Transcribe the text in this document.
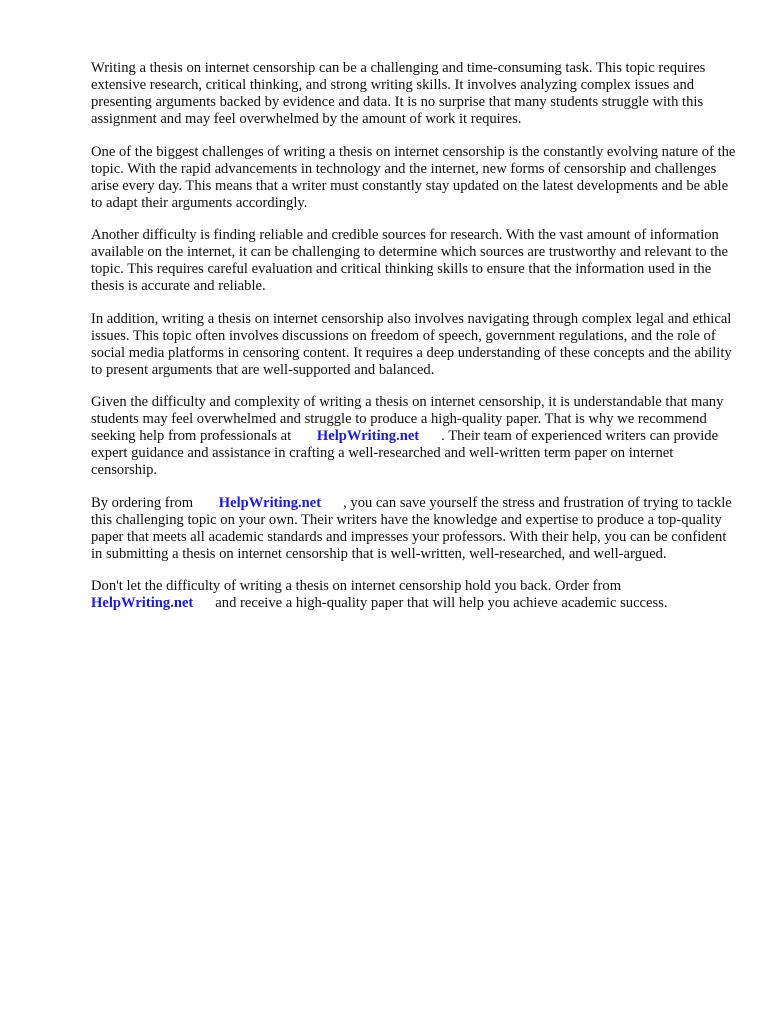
Writing a thesis on internet censorship can be a challenging and time-consuming task. This topic requires extensive research, critical thinking, and strong writing skills. It involves analyzing complex issues and presenting arguments backed by evidence and data. It is no surprise that many students struggle with this assignment and may feel overwhelmed by the amount of work it requires.

One of the biggest challenges of writing a thesis on internet censorship is the constantly evolving nature of the topic. With the rapid advancements in technology and the internet, new forms of censorship and challenges arise every day. This means that a writer must constantly stay updated on the latest developments and be able to adapt their arguments accordingly.

Another difficulty is finding reliable and credible sources for research. With the vast amount of information available on the internet, it can be challenging to determine which sources are trustworthy and relevant to the topic. This requires careful evaluation and critical thinking skills to ensure that the information used in the thesis is accurate and reliable.

In addition, writing a thesis on internet censorship also involves navigating through complex legal and ethical issues. This topic often involves discussions on freedom of speech, government regulations, and the role of social media platforms in censoring content. It requires a deep understanding of these concepts and the ability to present arguments that are well-supported and balanced.

Given the difficulty and complexity of writing a thesis on internet censorship, it is understandable that many students may feel overwhelmed and struggle to produce a high-quality paper. That is why we recommend seeking help from professionals at HelpWriting.net . Their team of experienced writers can provide expert guidance and assistance in crafting a well-researched and well-written term paper on internet censorship.

By ordering from HelpWriting.net , you can save yourself the stress and frustration of trying to tackle this challenging topic on your own. Their writers have the knowledge and expertise to produce a top-quality paper that meets all academic standards and impresses your professors. With their help, you can be confident in submitting a thesis on internet censorship that is well-written, well-researched, and well-argued.

Don't let the difficulty of writing a thesis on internet censorship hold you back. Order from HelpWriting.net and receive a high-quality paper that will help you achieve academic success.
